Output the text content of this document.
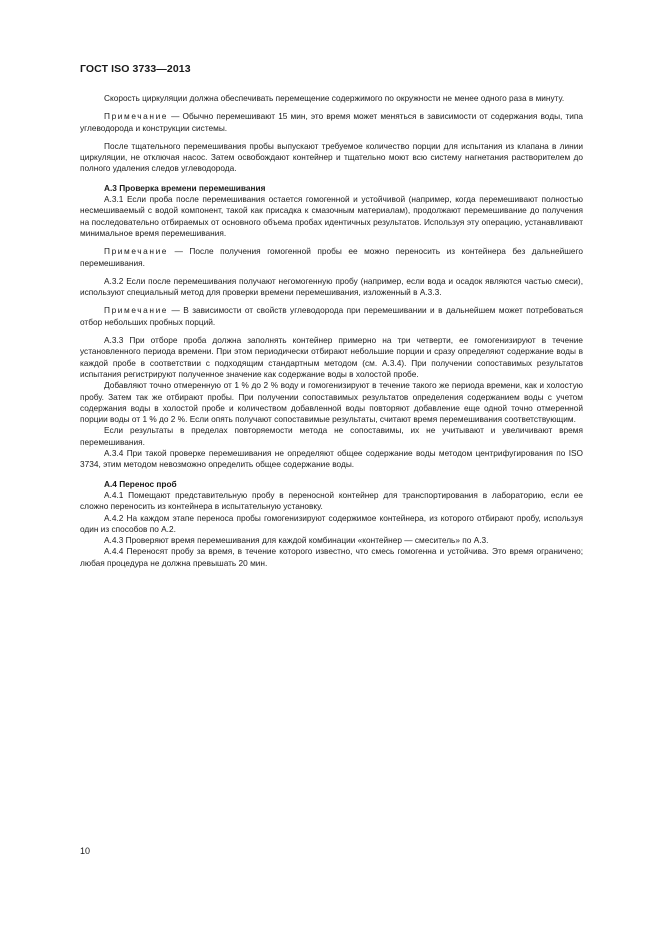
ГОСТ ISO 3733—2013

Скорость циркуляции должна обеспечивать перемещение содержимого по окружности не менее одного раза в минуту.

Примечание — Обычно перемешивают 15 мин, это время может меняться в зависимости от содержания воды, типа углеводорода и конструкции системы.

После тщательного перемешивания пробы выпускают требуемое количество порции для испытания из клапана в линии циркуляции, не отключая насос. Затем освобождают контейнер и тщательно моют всю систему нагнетания растворителем до полного удаления следов углеводорода.

А.3 Проверка времени перемешивания

А.3.1 Если проба после перемешивания остается гомогенной и устойчивой (например, когда перемешивают полностью несмешиваемый с водой компонент, такой как присадка к смазочным материалам), продолжают перемешивание до получения на последовательно отбираемых от основного объема пробах идентичных результатов. Используя эту операцию, устанавливают минимальное время перемешивания.

Примечание — После получения гомогенной пробы ее можно переносить из контейнера без дальнейшего перемешивания.

А.3.2 Если после перемешивания получают негомогенную пробу (например, если вода и осадок являются частью смеси), используют специальный метод для проверки времени перемешивания, изложенный в А.3.3.

Примечание — В зависимости от свойств углеводорода при перемешивании и в дальнейшем может потребоваться отбор небольших пробных порций.

А.3.3 При отборе проба должна заполнять контейнер примерно на три четверти, ее гомогенизируют в течение установленного периода времени. При этом периодически отбирают небольшие порции и сразу определяют содержание воды в каждой пробе в соответствии с подходящим стандартным методом (см. А.3.4). При получении сопоставимых результатов испытания регистрируют полученное значение как содержание воды в холостой пробе.

Добавляют точно отмеренную от 1 % до 2 % воду и гомогенизируют в течение такого же периода времени, как и холостую пробу. Затем так же отбирают пробы. При получении сопоставимых результатов определения содержанием воды с учетом содержания воды в холостой пробе и количеством добавленной воды повторяют добавление еще одной точно отмеренной порции воды от 1 % до 2 %. Если опять получают сопоставимые результаты, считают время перемешивания соответствующим.

Если результаты в пределах повторяемости метода не сопоставимы, их не учитывают и увеличивают время перемешивания.

А.3.4 При такой проверке перемешивания не определяют общее содержание воды методом центрифугирования по ISO 3734, этим методом невозможно определить общее содержание воды.

А.4 Перенос проб

А.4.1 Помещают представительную пробу в переносной контейнер для транспортирования в лабораторию, если ее сложно переносить из контейнера в испытательную установку.

А.4.2 На каждом этапе переноса пробы гомогенизируют содержимое контейнера, из которого отбирают пробу, используя один из способов по А.2.

А.4.3 Проверяют время перемешивания для каждой комбинации «контейнер — смеситель» по А.3.

А.4.4 Переносят пробу за время, в течение которого известно, что смесь гомогенна и устойчива. Это время ограничено; любая процедура не должна превышать 20 мин.

10
